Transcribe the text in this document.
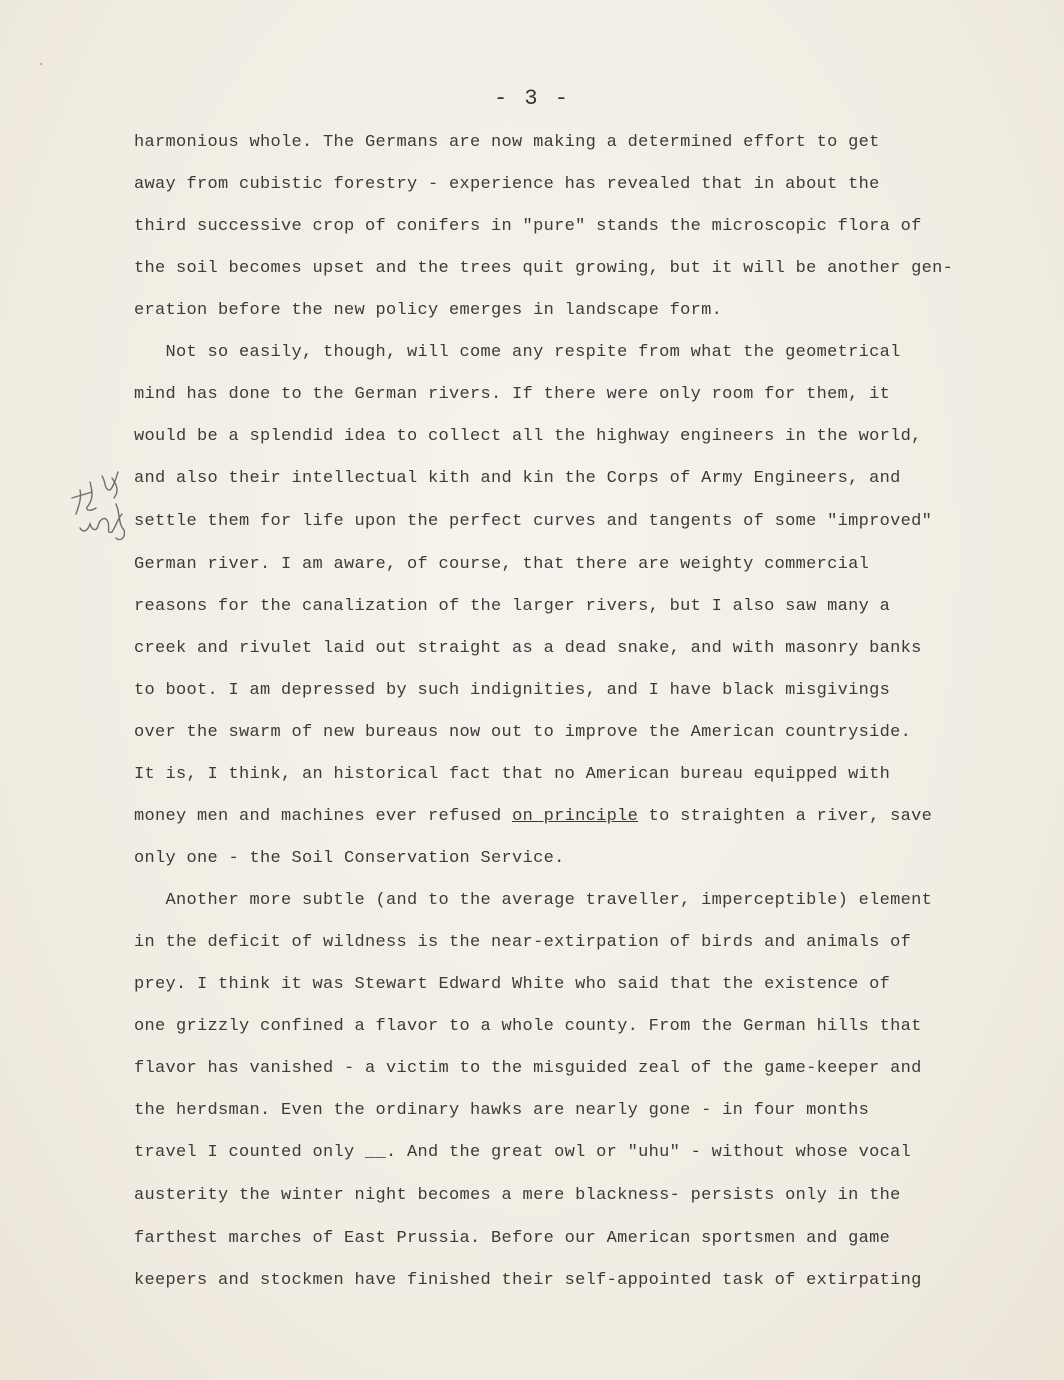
- 3 -
harmonious whole. The Germans are now making a determined effort to get
away from cubistic forestry - experience has revealed that in about the
third successive crop of conifers in "pure" stands the microscopic flora of
the soil becomes upset and the trees quit growing, but it will be another gen-
eration before the new policy emerges in landscape form.
Not so easily, though, will come any respite from what the geometrical
mind has done to the German rivers. If there were only room for them, it
would be a splendid idea to collect all the highway engineers in the world,
and also their intellectual kith and kin the Corps of Army Engineers, and
settle them for life upon the perfect curves and tangents of some "improved"
German river. I am aware, of course, that there are weighty commercial
reasons for the canalization of the larger rivers, but I also saw many a
creek and rivulet laid out straight as a dead snake, and with masonry banks
to boot. I am depressed by such indignities, and I have black misgivings
over the swarm of new bureaus now out to improve the American countryside.
It is, I think, an historical fact that no American bureau equipped with
money men and machines ever refused on principle to straighten a river, save
only one - the Soil Conservation Service.
Another more subtle (and to the average traveller, imperceptible) element
in the deficit of wildness is the near-extirpation of birds and animals of
prey. I think it was Stewart Edward White who said that the existence of
one grizzly confined a flavor to a whole county. From the German hills that
flavor has vanished - a victim to the misguided zeal of the game-keeper and
the herdsman. Even the ordinary hawks are nearly gone - in four months
travel I counted only __. And the great owl or "uhu" - without whose vocal
austerity the winter night becomes a mere blackness- persists only in the
farthest marches of East Prussia. Before our American sportsmen and game
keepers and stockmen have finished their self-appointed task of extirpating
